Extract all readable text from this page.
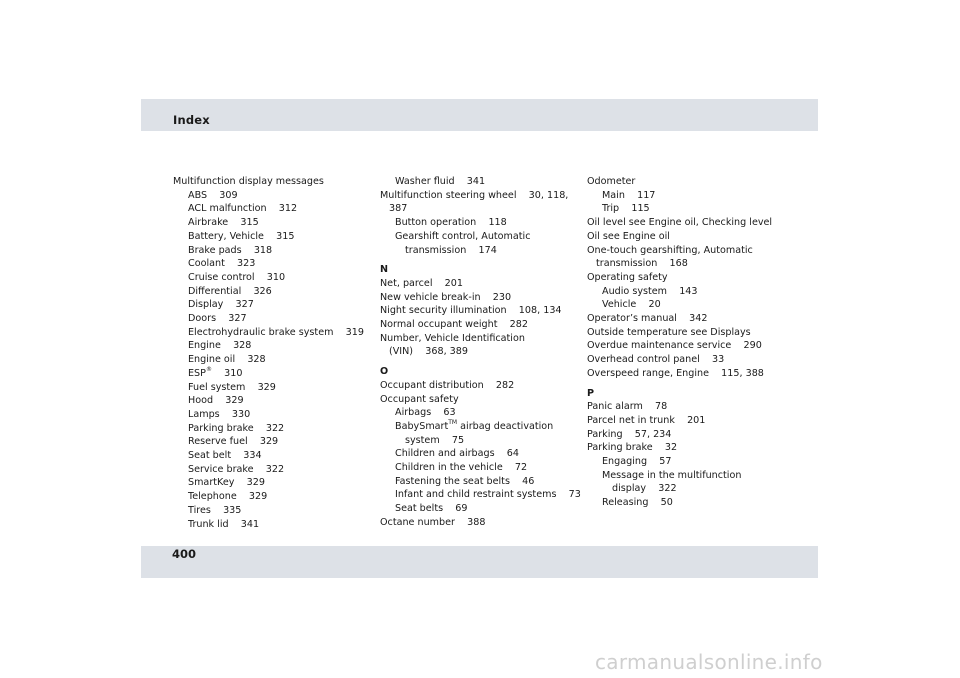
Index
Multifunction display messages
ABS    309
ACL malfunction    312
Airbrake    315
Battery, Vehicle    315
Brake pads    318
Coolant    323
Cruise control    310
Differential    326
Display    327
Doors    327
Electrohydraulic brake system    319
Engine    328
Engine oil    328
ESP®    310
Fuel system    329
Hood    329
Lamps    330
Parking brake    322
Reserve fuel    329
Seat belt    334
Service brake    322
SmartKey    329
Telephone    329
Tires    335
Trunk lid    341
Washer fluid    341
Multifunction steering wheel    30, 118,
387
Button operation    118
Gearshift control, Automatic
transmission    174
N
Net, parcel    201
New vehicle break-in    230
Night security illumination    108, 134
Normal occupant weight    282
Number, Vehicle Identification
(VIN)    368, 389
O
Occupant distribution    282
Occupant safety
Airbags    63
BabySmart™ airbag deactivation
system    75
Children and airbags    64
Children in the vehicle    72
Fastening the seat belts    46
Infant and child restraint systems    73
Seat belts    69
Octane number    388
Odometer
Main    117
Trip    115
Oil level see Engine oil, Checking level
Oil see Engine oil
One-touch gearshifting, Automatic
transmission    168
Operating safety
Audio system    143
Vehicle    20
Operator’s manual    342
Outside temperature see Displays
Overdue maintenance service    290
Overhead control panel    33
Overspeed range, Engine    115, 388
P
Panic alarm    78
Parcel net in trunk    201
Parking    57, 234
Parking brake    32
Engaging    57
Message in the multifunction
display    322
Releasing    50
400
carmanualsonline.info
